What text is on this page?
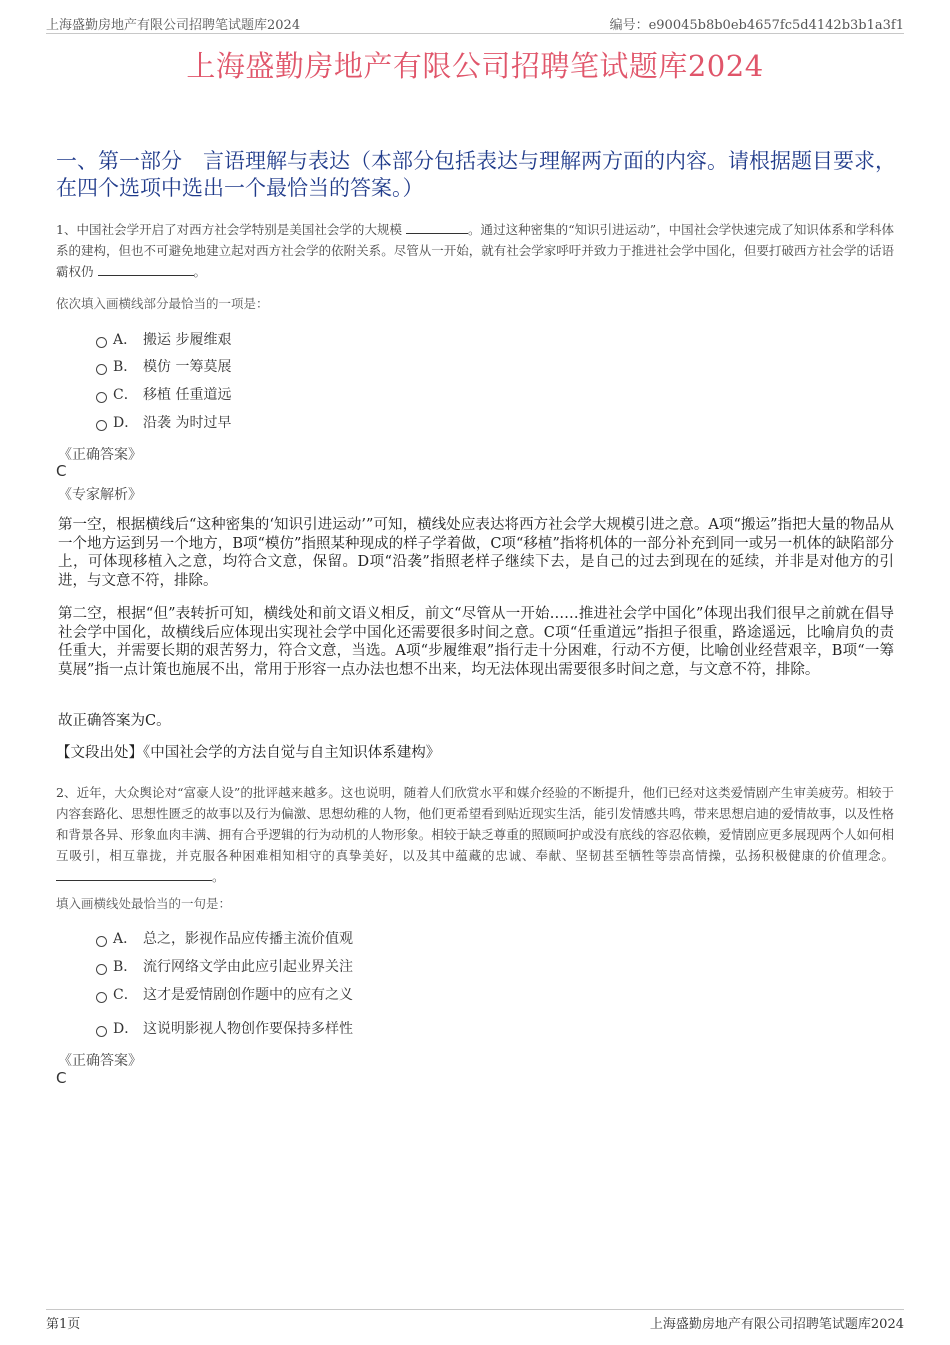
上海盛勤房地产有限公司招聘笔试题库2024	编号：e90045b8b0eb4657fc5d4142b3b1a3f1
上海盛勤房地产有限公司招聘笔试题库2024
一、第一部分　言语理解与表达（本部分包括表达与理解两方面的内容。请根据题目要求，在四个选项中选出一个最恰当的答案。）
1、中国社会学开启了对西方社会学特别是美国社会学的大规模	。通过这种密集的“知识引进运动”，中国社会学快速完成了知识体系和学科体系的建构，但也不可避免地建立起对西方社会学的依附关系。尽管从一开始，就有社会学家呼吁并致力于推进社会学中国化，但要打破西方社会学的话语霸权仍	。
依次填入画横线部分最恰当的一项是：
A． 搬运 步履维艰
B． 模仿 一筹莫展
C． 移植 任重道远
D． 沿袭 为时过早
《正确答案》
C
《专家解析》
第一空，根据横线后“这种密集的‘知识引进运动’”可知，横线处应表达将西方社会学大规模引进之意。A项“搬运”指把大量的物品从一个地方运到另一个地方，B项“模仿”指照某种现成的样子学着做，C项“移植”指将机体的一部分补充到同一或另一机体的缺陷部分上，可体现移植入之意，均符合文意，保留。D项“沿袭”指照老样子继续下去，是自己的过去到现在的延续，并非是对他方的引进，与文意不符，排除。
第二空，根据“但”表转折可知，横线处和前文语义相反，前文“尽管从一开始……推进社会学中国化”体现出我们很早之前就在倡导社会学中国化，故横线后应体现出实现社会学中国化还需要很多时间之意。C项“任重道远”指担子很重，路途遥远，比喻肩负的责任重大，并需要长期的艰苦努力，符合文意，当选。A项“步履维艰”指行走十分困难，行动不方便，比喻创业经营艰辛，B项“一筹莫展”指一点计策也施展不出，常用于形容一点办法也想不出来，均无法体现出需要很多时间之意，与文意不符，排除。
故正确答案为C。
【文段出处】《中国社会学的方法自觉与自主知识体系建构》
2、近年，大众舆论对“富豪人设”的批评越来越多。这也说明，随着人们欣赏水平和媒介经验的不断提升，他们已经对这类爱情剧产生审美疲劳。相较于内容套路化、思想性匮乏的故事以及行为偏激、思想幼稚的人物，他们更希望看到贴近现实生活，能引发情感共鸣，带来思想启迪的爱情故事，以及性格和背景各异、形象血肉丰满、拥有合乎逻辑的行为动机的人物形象。相较于缺乏尊重的照顾呵护或没有底线的容忍依赖，爱情剧应更多展现两个人如何相互吸引，相互靠拢，并克服各种困难相知相守的真挚美好，以及其中蕴藏的忠诚、奉献、坚韧甚至牺牲等崇高情操，弘扬积极健康的价值理念。 。
填入画横线处最恰当的一句是：
A． 总之，影视作品应传播主流价值观
B． 流行网络文学由此应引起业界关注
C． 这才是爱情剧创作题中的应有之义
D． 这说明影视人物创作要保持多样性
《正确答案》
C
第1页	上海盛勤房地产有限公司招聘笔试题库2024
